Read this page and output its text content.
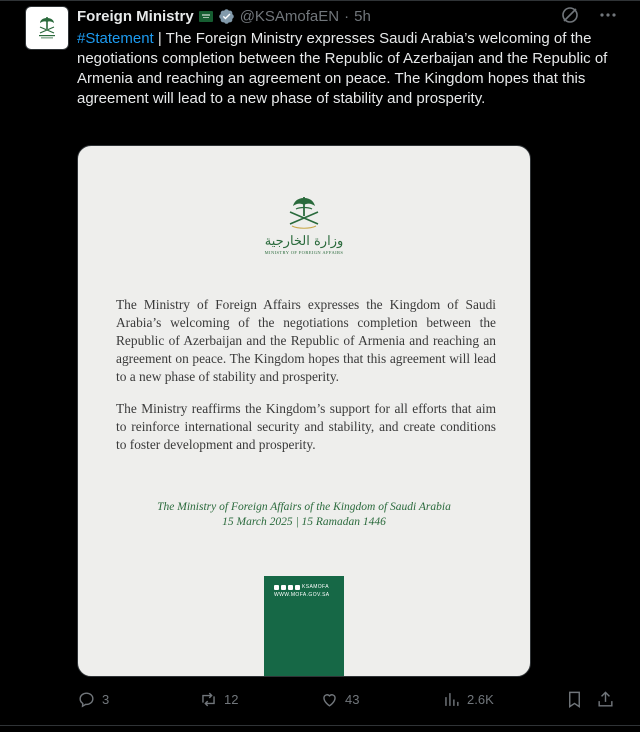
Foreign Ministry	@KSAmofaEN · 5h
#Statement | The Foreign Ministry expresses Saudi Arabia’s welcoming of the negotiations completion between the Republic of Azerbaijan and the Republic of Armenia and reaching an agreement on peace. The Kingdom hopes that this agreement will lead to a new phase of stability and prosperity.
وزارة الخارجية
MINISTRY OF FOREIGN AFFAIRS
The Ministry of Foreign Affairs expresses the Kingdom of Saudi Arabia’s welcoming of the negotiations completion between the Republic of Azerbaijan and the Republic of Armenia and reaching an agreement on peace. The Kingdom hopes that this agreement will lead to a new phase of stability and prosperity.
The Ministry reaffirms the Kingdom’s support for all efforts that aim to reinforce international security and stability, and create conditions to foster development and prosperity.
The Ministry of Foreign Affairs of the Kingdom of Saudi Arabia
15 March 2025 | 15 Ramadan 1446
KSAMOFA
WWW.MOFA.GOV.SA
3	12	43	2.6K
